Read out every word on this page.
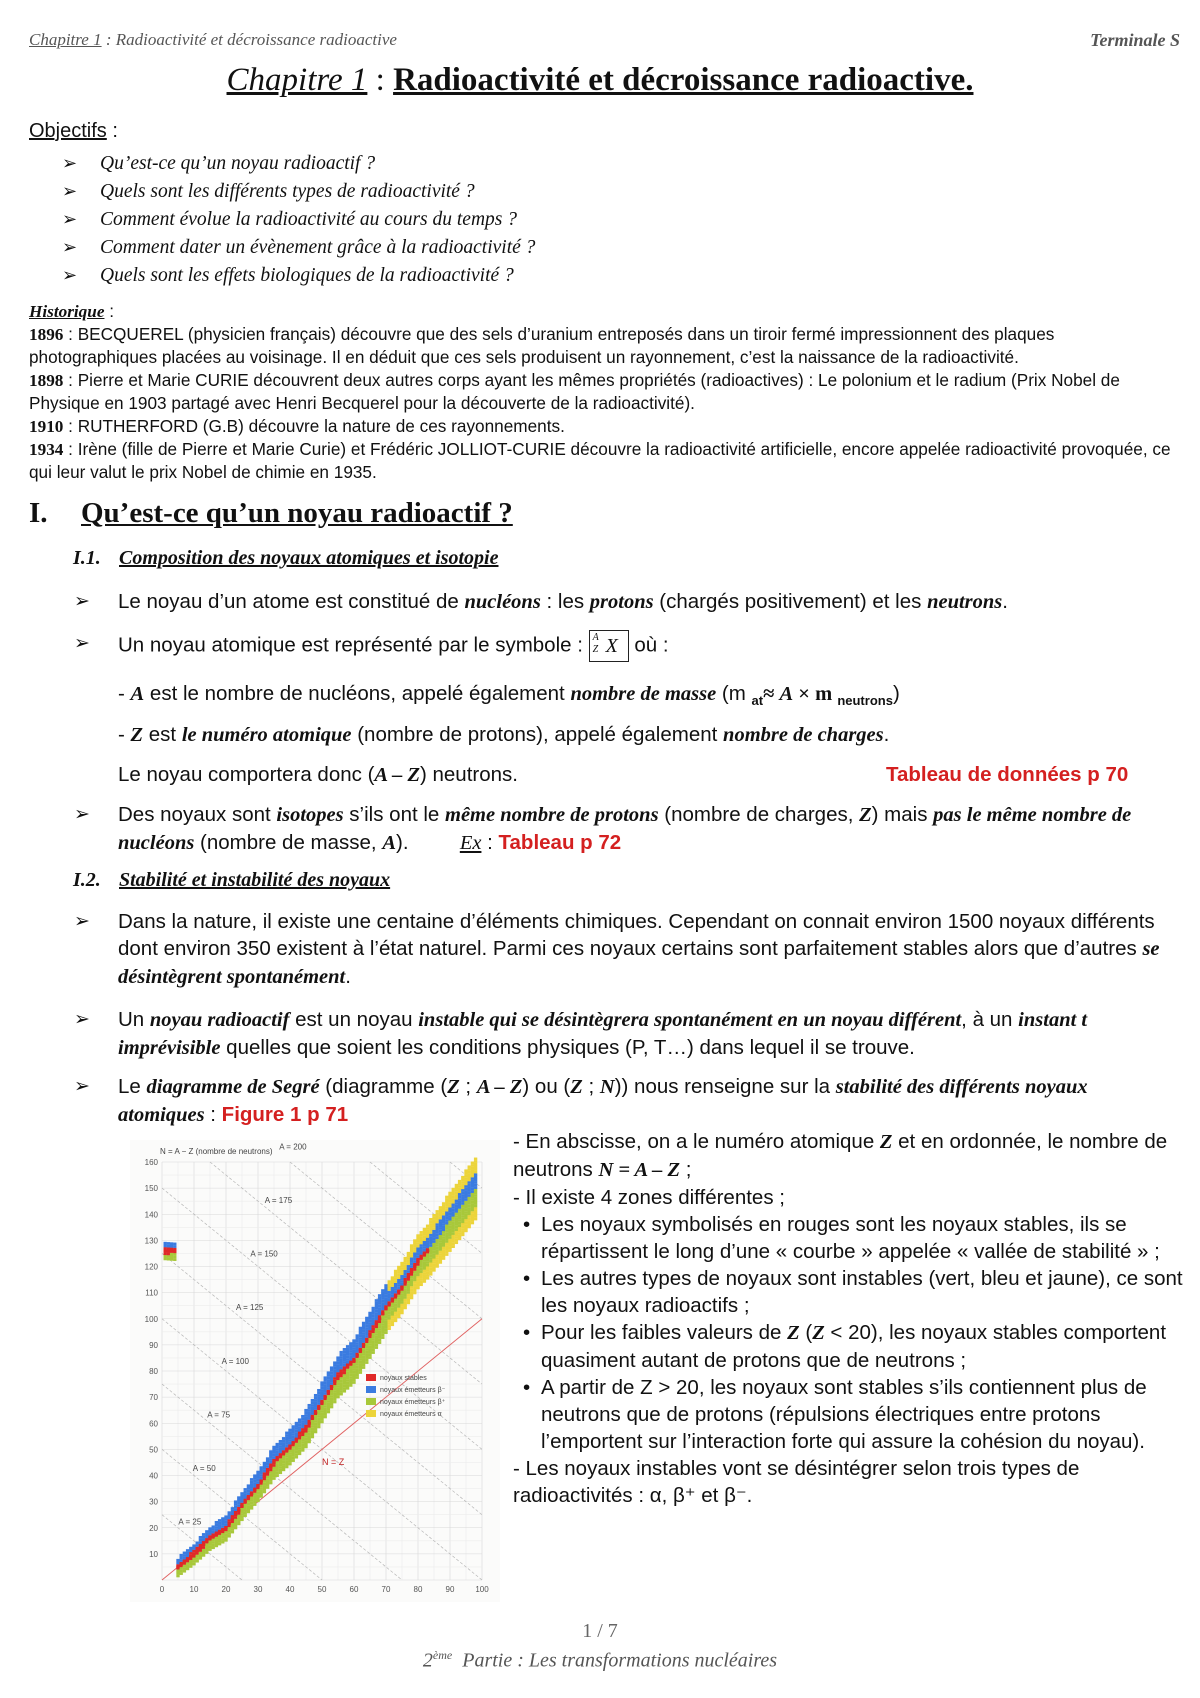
Chapitre 1 : Radioactivité et décroissance radioactive	Terminale S
Chapitre 1 : Radioactivité et décroissance radioactive.
Objectifs :
➢ Qu’est-ce qu’un noyau radioactif ?
➢ Quels sont les différents types de radioactivité ?
➢ Comment évolue la radioactivité au cours du temps ?
➢ Comment dater un évènement grâce à la radioactivité ?
➢ Quels sont les effets biologiques de la radioactivité ?
Historique :
1896 : BECQUEREL (physicien français) découvre que des sels d’uranium entreposés dans un tiroir fermé impressionnent des plaques photographiques placées au voisinage. Il en déduit que ces sels produisent un rayonnement, c’est la naissance de la radioactivité.
1898 : Pierre et Marie CURIE découvrent deux autres corps ayant les mêmes propriétés (radioactives) : Le polonium et le radium (Prix Nobel de Physique en 1903 partagé avec Henri Becquerel pour la découverte de la radioactivité).
1910 : RUTHERFORD (G.B) découvre la nature de ces rayonnements.
1934 : Irène (fille de Pierre et Marie Curie) et Frédéric JOLLIOT-CURIE découvre la radioactivité artificielle, encore appelée radioactivité provoquée, ce qui leur valut le prix Nobel de chimie en 1935.
I. Qu’est-ce qu’un noyau radioactif ?
I.1. Composition des noyaux atomiques et isotopie
➢ Le noyau d’un atome est constitué de nucléons : les protons (chargés positivement) et les neutrons.
➢ Un noyau atomique est représenté par le symbole : A
Z X où :
- A est le nombre de nucléons, appelé également nombre de masse (m $_{at}$≈ A × m $_{neutrons}$)
- Z est le numéro atomique (nombre de protons), appelé également nombre de charges.
Le noyau comportera donc (A – Z) neutrons.	Tableau de données p 70
➢ Des noyaux sont isotopes s’ils ont le même nombre de protons (nombre de charges, Z) mais pas le même nombre de nucléons (nombre de masse, A).	Ex : Tableau p 72
I.2. Stabilité et instabilité des noyaux
➢ Dans la nature, il existe une centaine d’éléments chimiques. Cependant on connait environ 1500 noyaux différents dont environ 350 existent à l’état naturel. Parmi ces noyaux certains sont parfaitement stables alors que d’autres se désintègrent spontanément.
➢ Un noyau radioactif est un noyau instable qui se désintègrera spontanément en un noyau différent, à un instant t imprévisible quelles que soient les conditions physiques (P, T…) dans lequel il se trouve.
➢ Le diagramme de Segré (diagramme (Z ; A – Z) ou (Z ; N)) nous renseigne sur la stabilité des différents noyaux atomiques : Figure 1 p 71
A = 25
A = 50
A = 75
A = 100
A = 125
A = 150
A = 175
A = 200
0	10	20	30	40	50	60	70	80	90	100
10
20
30
40
50
60
70
80
90
100
110
120
130
140
150
160
N = A − Z (nombre de neutrons)
N = Z
noyaux stables
noyaux émetteurs β⁻
noyaux émetteurs β⁺
noyaux émetteurs α
- En abscisse, on a le numéro atomique Z et en ordonnée, le nombre de neutrons N = A – Z ;
- Il existe 4 zones différentes ;
• Les noyaux symbolisés en rouges sont les noyaux stables, ils se répartissent le long d’une « courbe » appelée « vallée de stabilité » ;
• Les autres types de noyaux sont instables (vert, bleu et jaune), ce sont les noyaux radioactifs ;
• Pour les faibles valeurs de Z (Z < 20), les noyaux stables comportent quasiment autant de protons que de neutrons ;
• A partir de Z > 20, les noyaux sont stables s’ils contiennent plus de neutrons que de protons (répulsions électriques entre protons l’emportent sur l’interaction forte qui assure la cohésion du noyau).
- Les noyaux instables vont se désintégrer selon trois types de radioactivités : α, β⁺ et β⁻.
1 / 7
2ème Partie : Les transformations nucléaires
